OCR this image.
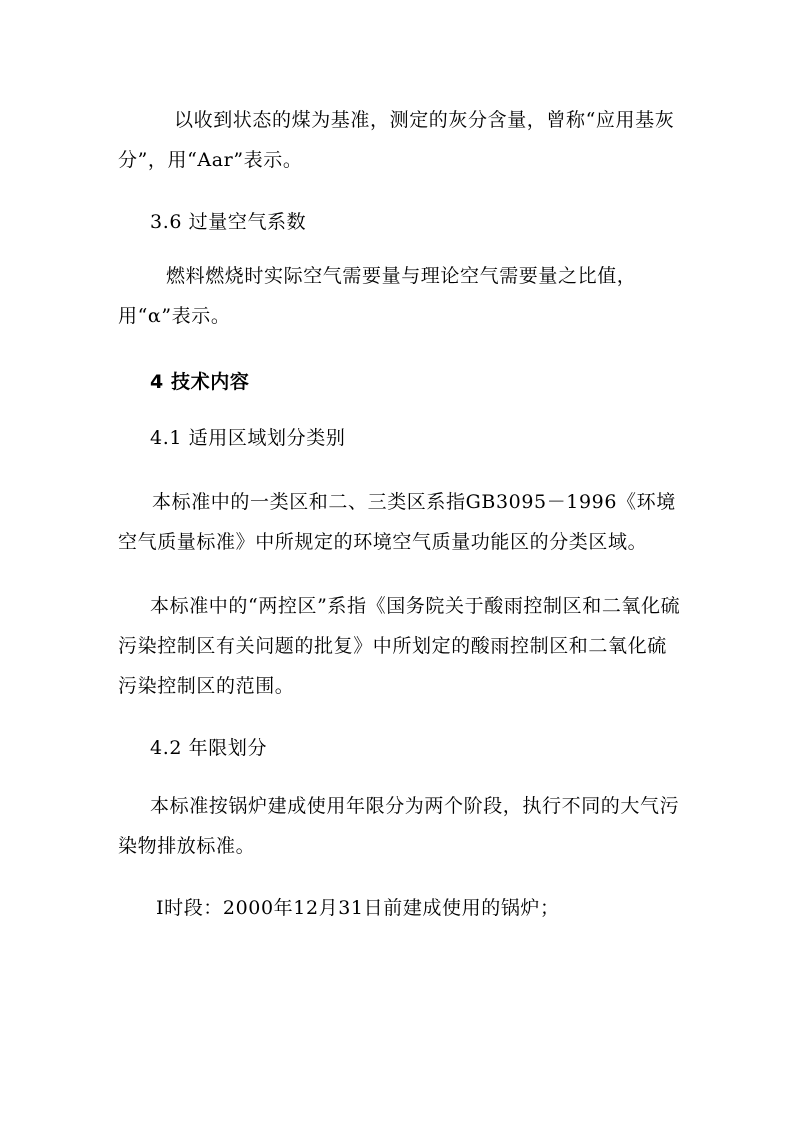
以收到状态的煤为基准，测定的灰分含量，曾称“应用基灰分”，用“Aar”表示。
3.6 过量空气系数
燃料燃烧时实际空气需要量与理论空气需要量之比值，用“α”表示。
4 技术内容
4.1 适用区域划分类别
本标准中的一类区和二、三类区系指GB3095－1996《环境空气质量标准》中所规定的环境空气质量功能区的分类区域。
本标准中的“两控区”系指《国务院关于酸雨控制区和二氧化硫污染控制区有关问题的批复》中所划定的酸雨控制区和二氧化硫污染控制区的范围。
4.2 年限划分
本标准按锅炉建成使用年限分为两个阶段，执行不同的大气污染物排放标准。
Ⅰ时段：2000年12月31日前建成使用的锅炉；
